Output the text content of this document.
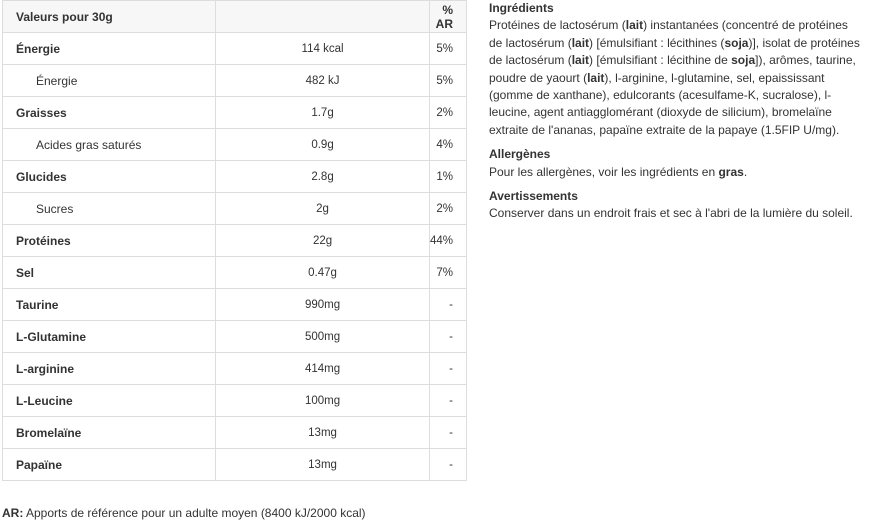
Valeurs pour 30g		% AR
Énergie	114 kcal	5%
Énergie	482 kJ	5%
Graisses	1.7g	2%
Acides gras saturés	0.9g	4%
Glucides	2.8g	1%
Sucres	2g	2%
Protéines	22g	44%
Sel	0.47g	7%
Taurine	990mg	-
L-Glutamine	500mg	-
L-arginine	414mg	-
L-Leucine	100mg	-
Bromelaïne	13mg	-
Papaïne	13mg	-
Ingrédients

Protéines de lactosérum (lait) instantanées (concentré de protéines de lactosérum (lait) [émulsifiant : lécithines (soja)], isolat de protéines de lactosérum (lait) [émulsifiant : lécithine de soja]), arômes, taurine, poudre de yaourt (lait), l-arginine, l-glutamine, sel, epaississant (gomme de xanthane), edulcorants (acesulfame-K, sucralose), l-leucine, agent antiagglomérant (dioxyde de silicium), bromelaïne extraite de l'ananas, papaïne extraite de la papaye (1.5FIP U/mg).

Allergènes

Pour les allergènes, voir les ingrédients en gras.

Avertissements

Conserver dans un endroit frais et sec à l'abri de la lumière du soleil.

AR: Apports de référence pour un adulte moyen (8400 kJ/2000 kcal)
